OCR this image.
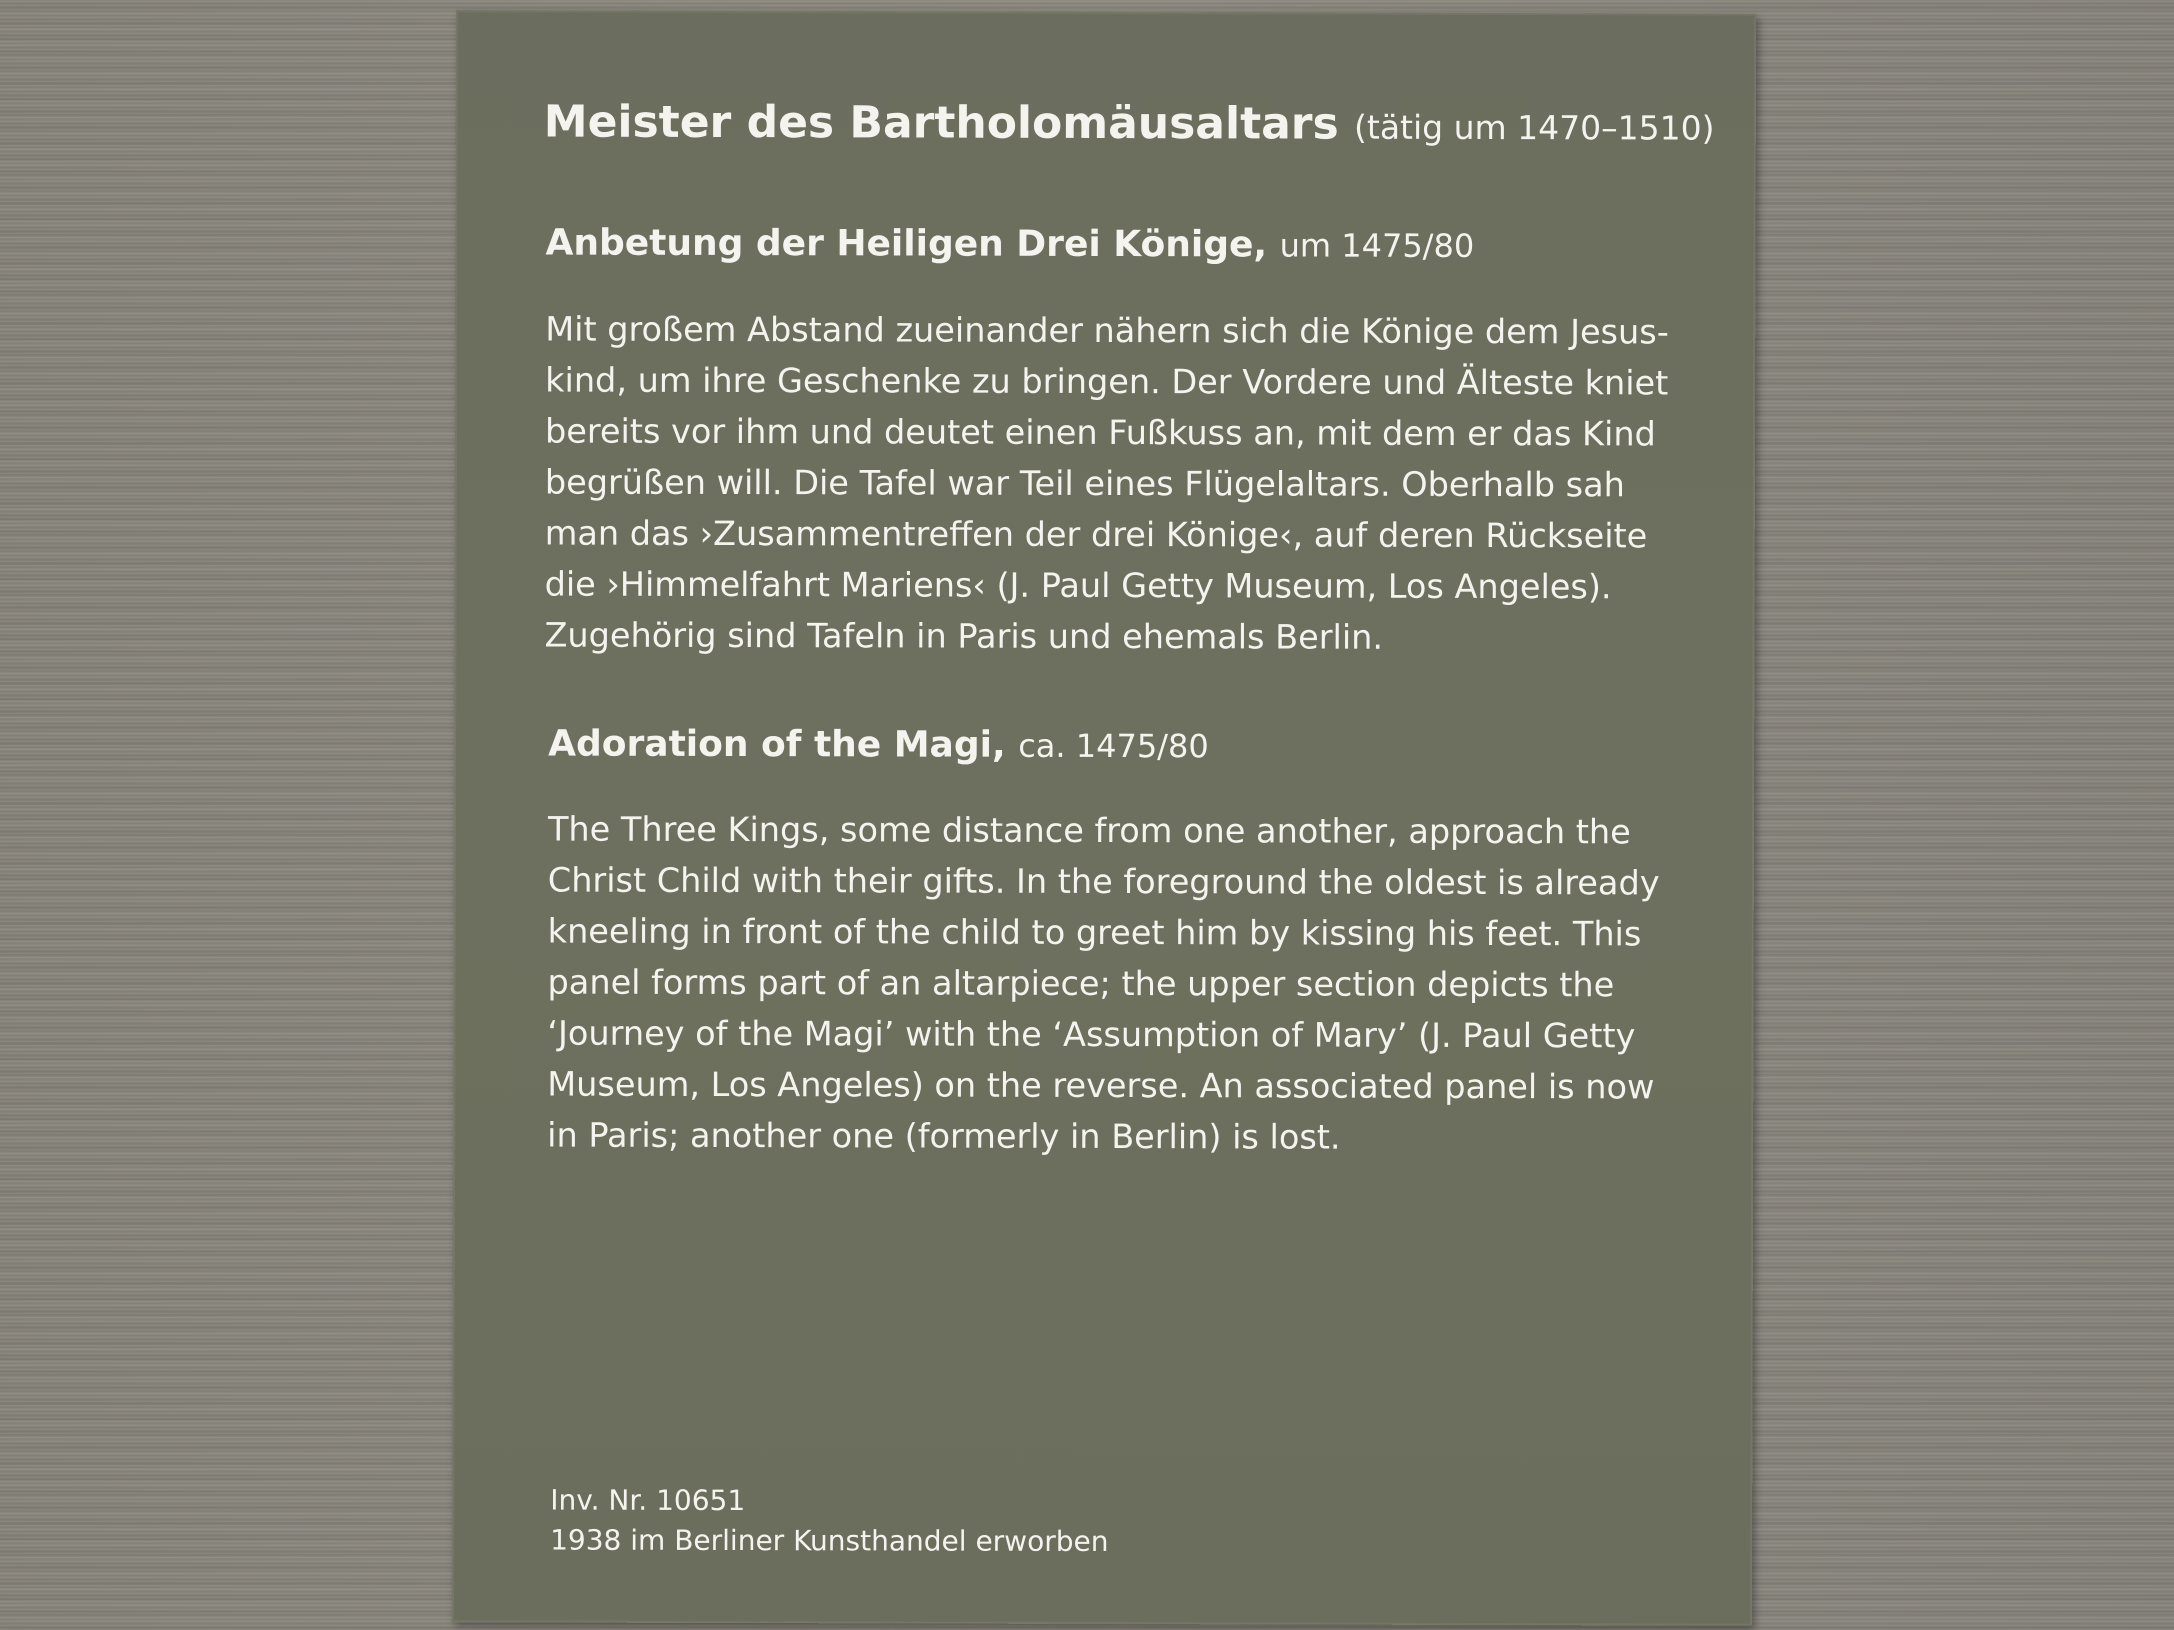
Meister des Bartholomäusaltars (tätig um 1470–1510)
Anbetung der Heiligen Drei Könige, um 1475/80
Mit großem Abstand zueinander nähern sich die Könige dem Jesus-
kind, um ihre Geschenke zu bringen. Der Vordere und Älteste kniet
bereits vor ihm und deutet einen Fußkuss an, mit dem er das Kind
begrüßen will. Die Tafel war Teil eines Flügelaltars. Oberhalb sah
man das ›Zusammentreffen der drei Könige‹, auf deren Rückseite
die ›Himmelfahrt Mariens‹ (J. Paul Getty Museum, Los Angeles).
Zugehörig sind Tafeln in Paris und ehemals Berlin.
Adoration of the Magi, ca. 1475/80
The Three Kings, some distance from one another, approach the
Christ Child with their gifts. In the foreground the oldest is already
kneeling in front of the child to greet him by kissing his feet. This
panel forms part of an altarpiece; the upper section depicts the
‘Journey of the Magi’ with the ‘Assumption of Mary’ (J. Paul Getty
Museum, Los Angeles) on the reverse. An associated panel is now
in Paris; another one (formerly in Berlin) is lost.
Inv. Nr. 10651
1938 im Berliner Kunsthandel erworben
